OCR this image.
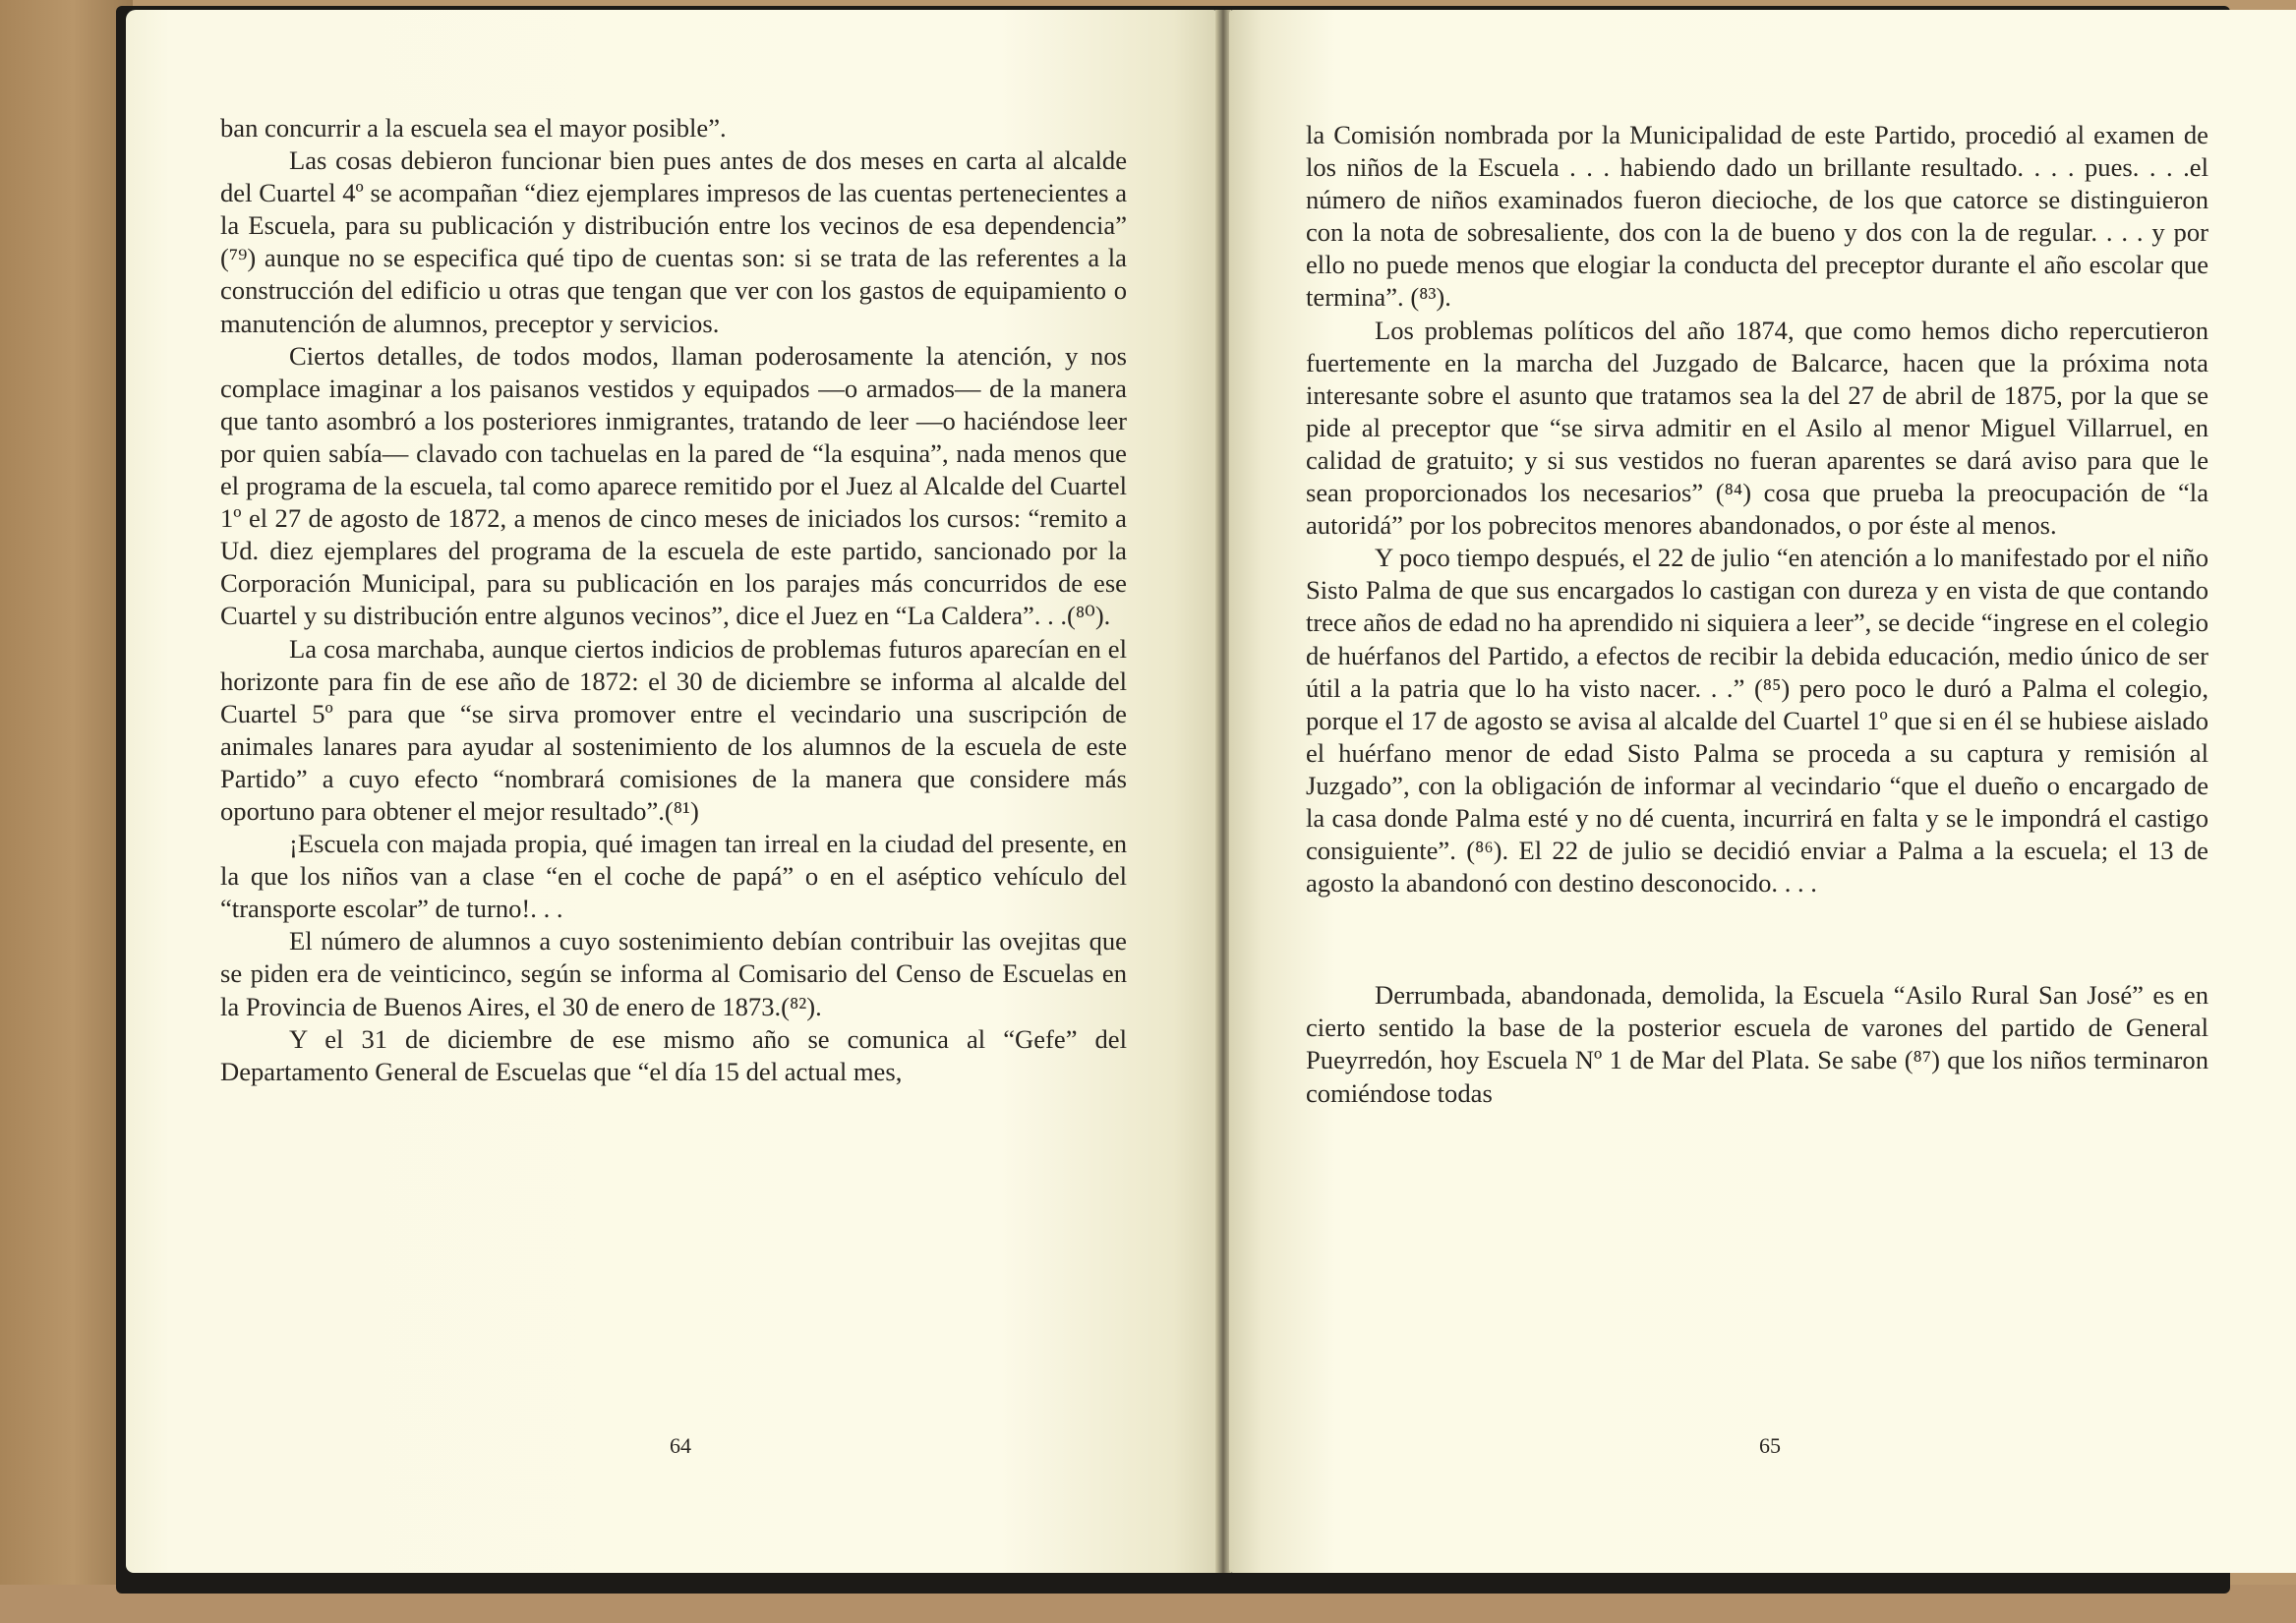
ban concurrir a la escuela sea el mayor posible”.

Las cosas debieron funcionar bien pues antes de dos meses en carta al alcalde del Cuartel 4º se acompañan “diez ejemplares impresos de las cuentas pertenecientes a la Escuela, para su publicación y distribución entre los vecinos de esa dependencia” (⁷⁹) aunque no se especifica qué tipo de cuentas son: si se trata de las referentes a la construcción del edificio u otras que tengan que ver con los gastos de equipamiento o manutención de alumnos, preceptor y servicios.

Ciertos detalles, de todos modos, llaman poderosamente la atención, y nos complace imaginar a los paisanos vestidos y equipados —o armados— de la manera que tanto asombró a los posteriores inmigrantes, tratando de leer —o haciéndose leer por quien sabía— clavado con tachuelas en la pared de “la esquina”, nada menos que el programa de la escuela, tal como aparece remitido por el Juez al Alcalde del Cuartel 1º el 27 de agosto de 1872, a menos de cinco meses de iniciados los cursos: “remito a Ud. diez ejemplares del programa de la escuela de este partido, sancionado por la Corporación Municipal, para su publicación en los parajes más concurridos de ese Cuartel y su distribución entre algunos vecinos”, dice el Juez en “La Caldera”. . .(⁸⁰).

La cosa marchaba, aunque ciertos indicios de problemas futuros aparecían en el horizonte para fin de ese año de 1872: el 30 de diciembre se informa al alcalde del Cuartel 5º para que “se sirva promover entre el vecindario una suscripción de animales lanares para ayudar al sostenimiento de los alumnos de la escuela de este Partido” a cuyo efecto “nombrará comisiones de la manera que considere más oportuno para obtener el mejor resultado”.(⁸¹)

¡Escuela con majada propia, qué imagen tan irreal en la ciudad del presente, en la que los niños van a clase “en el coche de papá” o en el aséptico vehículo del “transporte escolar” de turno!. . .

El número de alumnos a cuyo sostenimiento debían contribuir las ovejitas que se piden era de veinticinco, según se informa al Comisario del Censo de Escuelas en la Provincia de Buenos Aires, el 30 de enero de 1873.(⁸²).

Y el 31 de diciembre de ese mismo año se comunica al “Gefe” del Departamento General de Escuelas que “el día 15 del actual mes,

64

la Comisión nombrada por la Municipalidad de este Partido, procedió al examen de los niños de la Escuela . . . habiendo dado un brillante resultado. . . . pues. . . .el número de niños examinados fueron diecioche, de los que catorce se distinguieron con la nota de sobresaliente, dos con la de bueno y dos con la de regular. . . . y por ello no puede menos que elogiar la conducta del preceptor durante el año escolar que termina”. (⁸³).

Los problemas políticos del año 1874, que como hemos dicho repercutieron fuertemente en la marcha del Juzgado de Balcarce, hacen que la próxima nota interesante sobre el asunto que tratamos sea la del 27 de abril de 1875, por la que se pide al preceptor que “se sirva admitir en el Asilo al menor Miguel Villarruel, en calidad de gratuito; y si sus vestidos no fueran aparentes se dará aviso para que le sean proporcionados los necesarios” (⁸⁴) cosa que prueba la preocupación de “la autoridá” por los pobrecitos menores abandonados, o por éste al menos.

Y poco tiempo después, el 22 de julio “en atención a lo manifestado por el niño Sisto Palma de que sus encargados lo castigan con dureza y en vista de que contando trece años de edad no ha aprendido ni siquiera a leer”, se decide “ingrese en el colegio de huérfanos del Partido, a efectos de recibir la debida educación, medio único de ser útil a la patria que lo ha visto nacer. . .” (⁸⁵) pero poco le duró a Palma el colegio, porque el 17 de agosto se avisa al alcalde del Cuartel 1º que si en él se hubiese aislado el huérfano menor de edad Sisto Palma se proceda a su captura y remisión al Juzgado”, con la obligación de informar al vecindario “que el dueño o encargado de la casa donde Palma esté y no dé cuenta, incurrirá en falta y se le impondrá el castigo consiguiente”. (⁸⁶). El 22 de julio se decidió enviar a Palma a la escuela; el 13 de agosto la abandonó con destino desconocido. . . .

Derrumbada, abandonada, demolida, la Escuela “Asilo Rural San José” es en cierto sentido la base de la posterior escuela de varones del partido de General Pueyrredón, hoy Escuela Nº 1 de Mar del Plata. Se sabe (⁸⁷) que los niños terminaron comiéndose todas

65
